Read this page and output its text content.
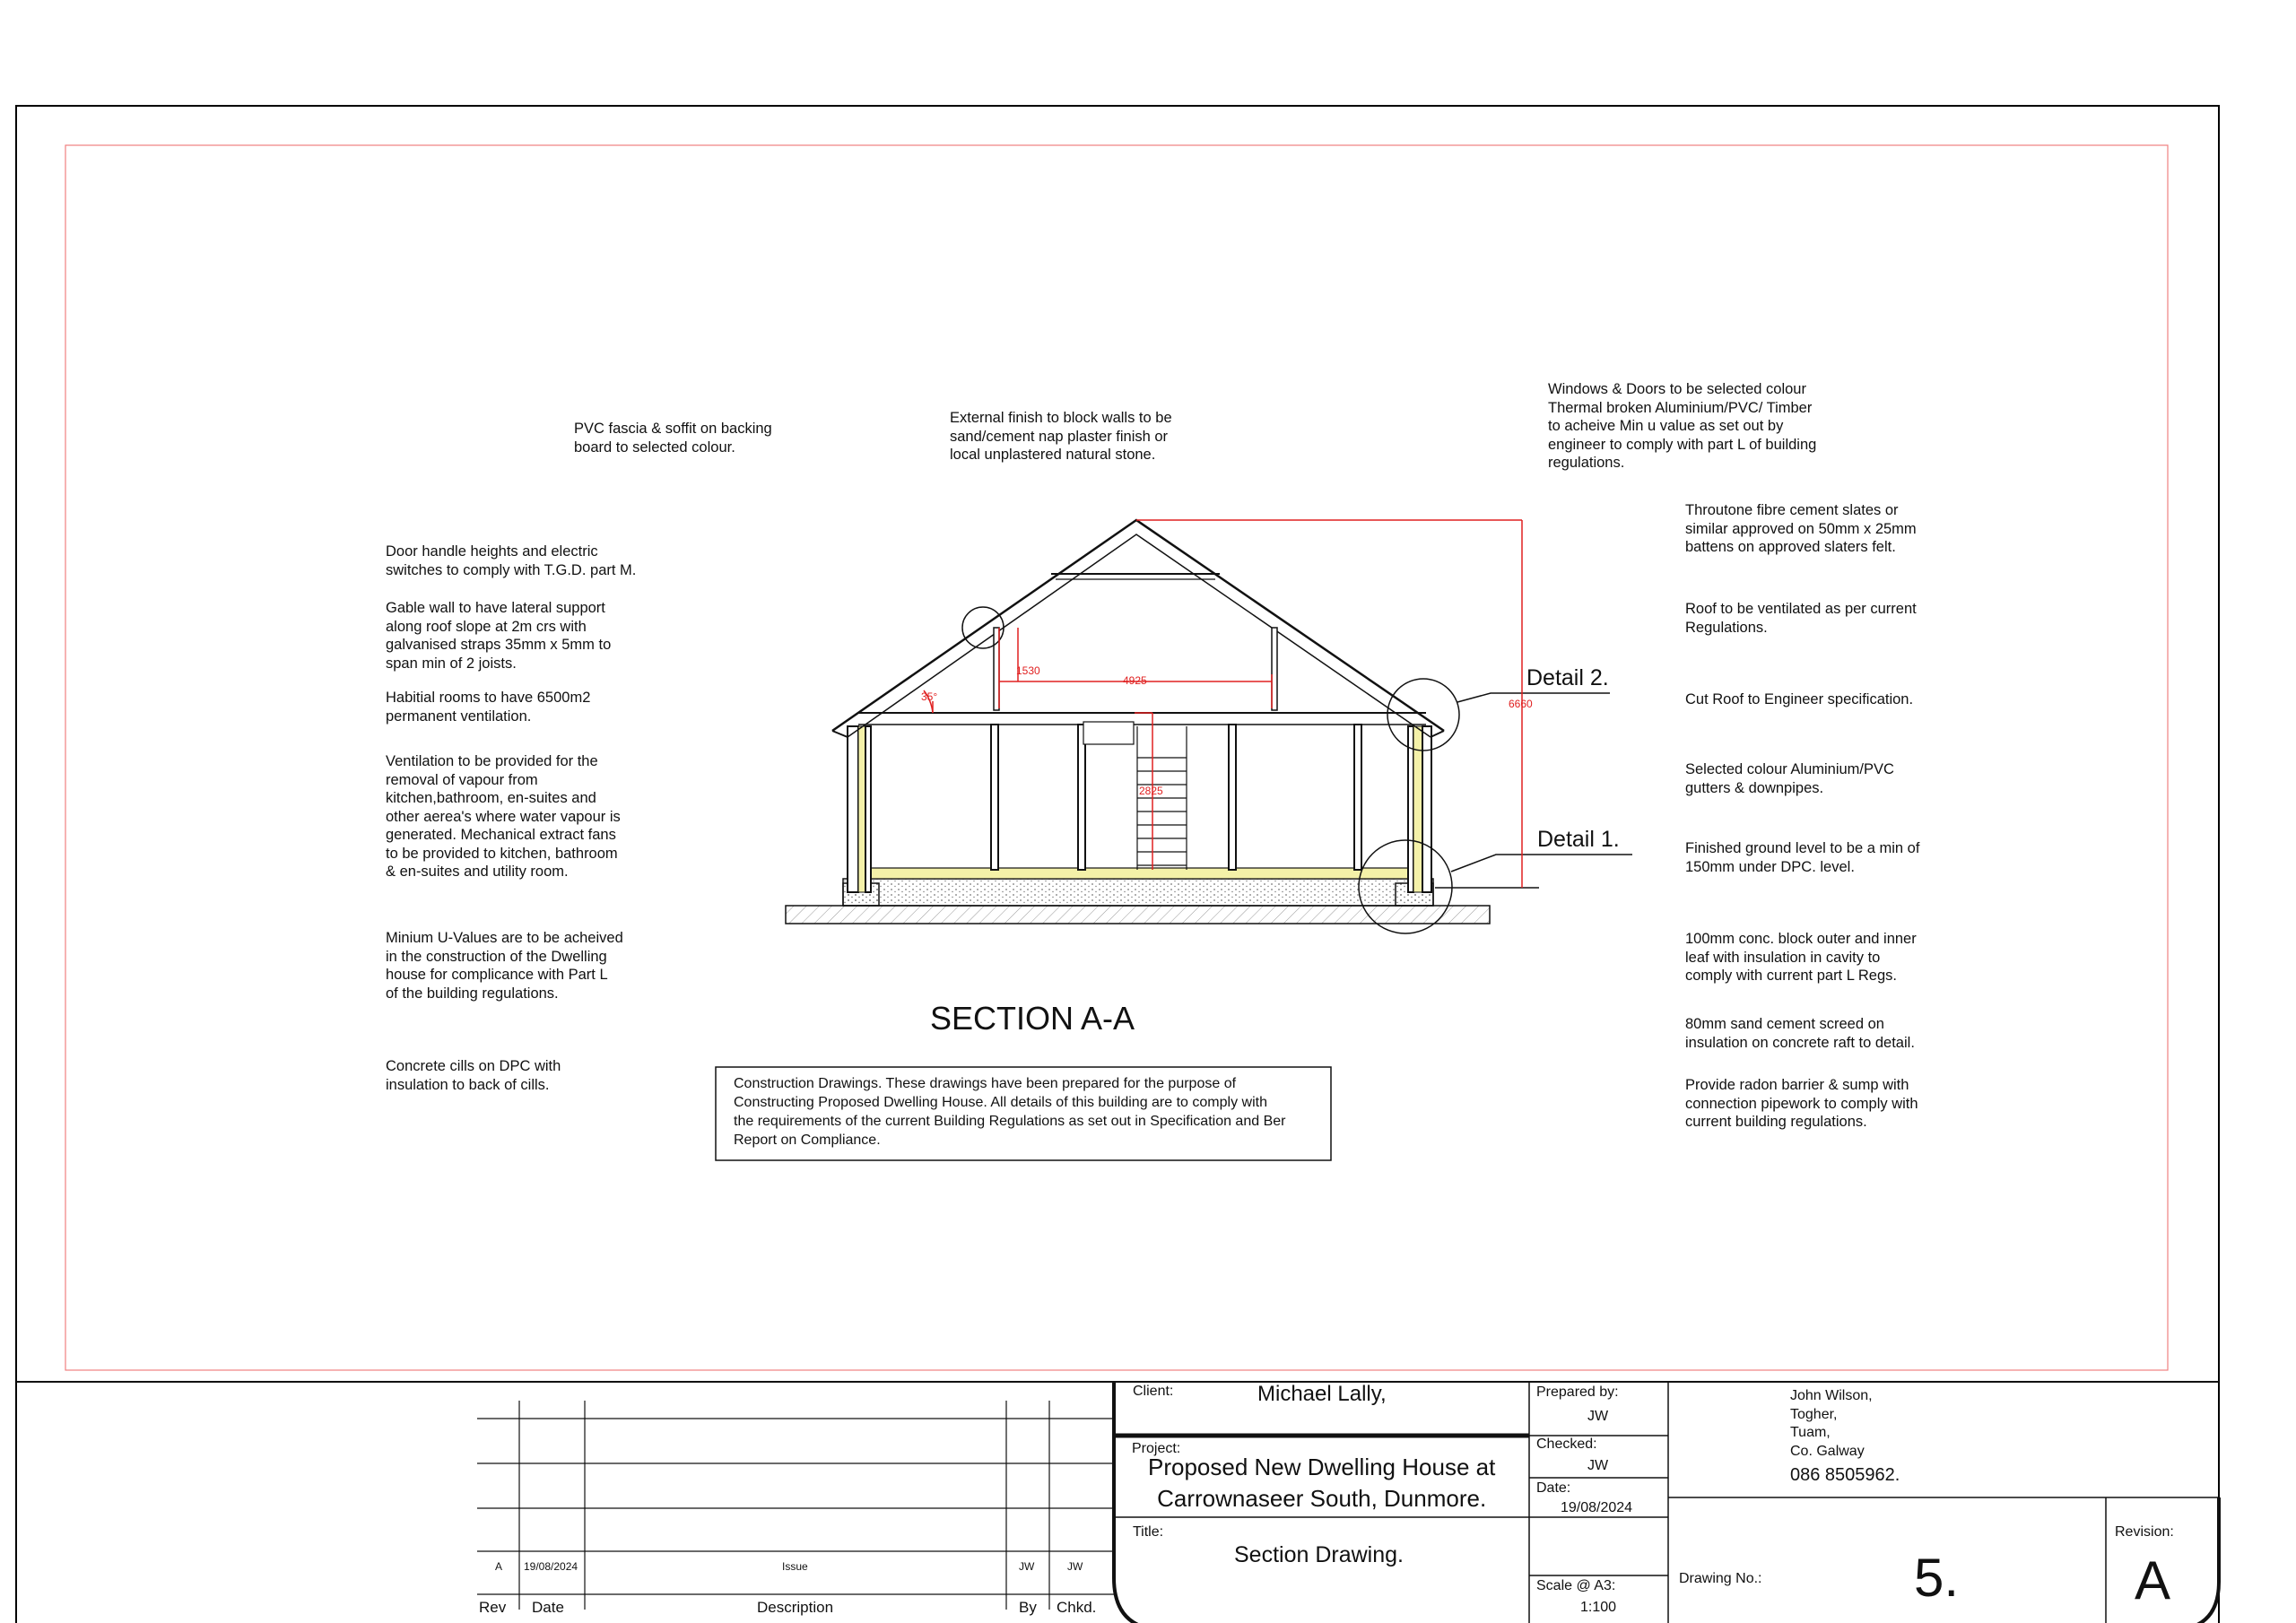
PVC fascia & soffit on backing
board to selected colour.
External finish to block walls to be
sand/cement nap plaster finish or
local unplastered natural stone.
Windows & Doors to be selected colour
Thermal broken Aluminium/PVC/ Timber
to acheive Min u value as set out by
engineer to comply with part L of building
regulations.
Door handle heights and electric
switches to comply with T.G.D. part M.
Gable wall to have lateral support
along roof slope at 2m crs with
galvanised straps 35mm x 5mm to
span min of 2 joists.
Habitial rooms to have 6500m2
permanent ventilation.
Ventilation to be provided for the
removal of vapour from
kitchen,bathroom, en-suites and
other aerea's where water vapour is
generated. Mechanical extract fans
to be provided to kitchen, bathroom
& en-suites and utility room.
Minium U-Values are to be acheived
in the construction of the Dwelling
house for complicance with Part L
of the building regulations.
Concrete cills on DPC with
insulation to back of cills.
Throutone fibre cement slates or
similar approved on 50mm x 25mm
battens on approved slaters felt.
Roof to be ventilated as per current
Regulations.
Cut Roof to Engineer specification.
Selected colour Aluminium/PVC
gutters & downpipes.
Finished ground level to be a min of
150mm under DPC. level.
100mm conc. block outer and inner
leaf with insulation in cavity to
comply with current part L Regs.
80mm sand cement screed on
insulation on concrete raft to detail.
Provide radon barrier & sump with
connection pipework to comply with
current building regulations.
Detail 2.
Detail 1.
SECTION A-A
4925
1530
6660
2825
35°
Construction Drawings. These drawings have been prepared for the purpose of
Constructing Proposed Dwelling House. All details of this building are to comply with
the requirements of the current Building Regulations as set out in Specification and Ber
Report on Compliance.
A 19/08/2024	Issue	JW	JW
Rev Date	Description	By Chkd.
Client:	Michael Lally,
Project:
Proposed New Dwelling House at
Carrownaseer South, Dunmore.
Title:
Section Drawing.
Prepared by:
JW
Checked:
JW
Date:
19/08/2024
Scale @ A3:
1:100
John Wilson,
Togher,
Tuam,
Co. Galway
086 8505962.
Drawing No.:	5.
Revision:
A
